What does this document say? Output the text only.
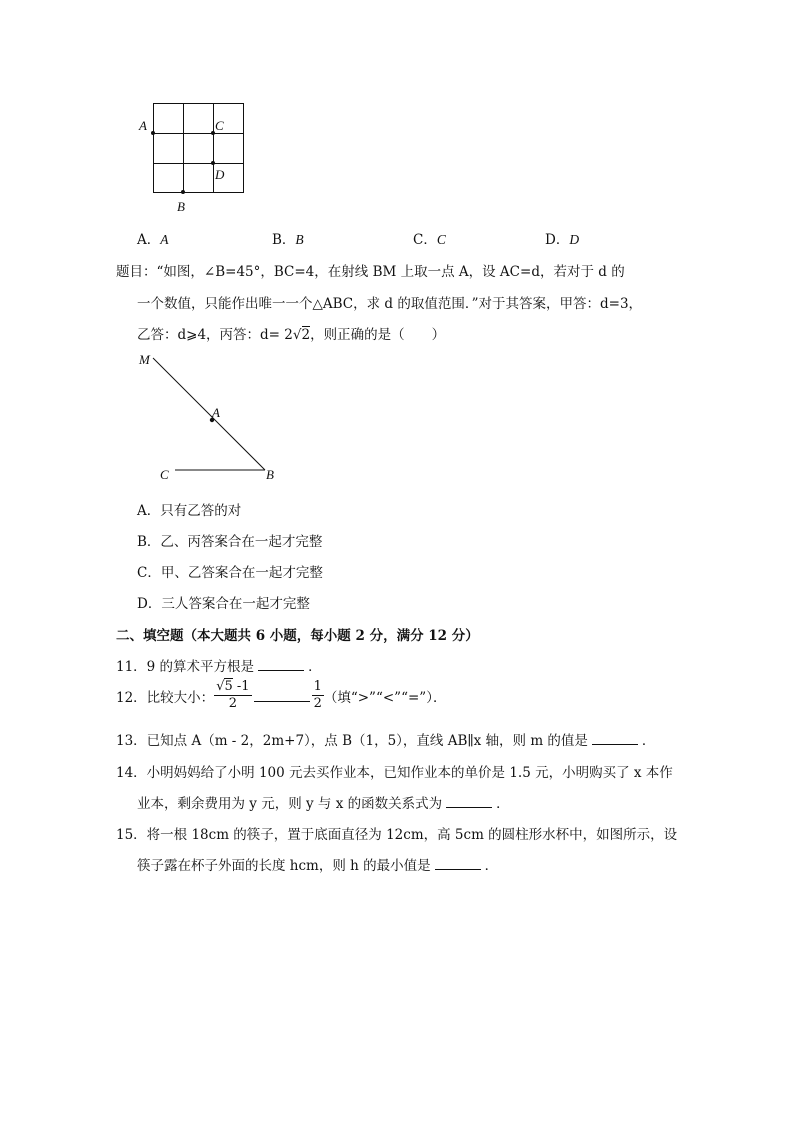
A	C
D
B
A．A	B．B	C．C	D．D
题目：“如图，∠B=45°，BC=4，在射线 BM 上取一点 A，设 AC=d，若对于 d 的
一个数值，只能作出唯一一个△ABC，求 d 的取值范围．”对于其答案，甲答：d=3，
乙答：d⩾4，丙答：d= 2√2，则正确的是（　　）
M
A
C	B
A．只有乙答的对
B．乙、丙答案合在一起才完整
C．甲、乙答案合在一起才完整
D．三人答案合在一起才完整
二、填空题（本大题共 6 小题，每小题 2 分，满分 12 分）
11．9 的算术平方根是	．
12．比较大小： $\frac{√5 -1}{2}$	$\frac{1}{2}$ （填“>”“<”“=”）．
13．已知点 A（m - 2，2m+7），点 B（1，5），直线 AB∥x 轴，则 m 的值是	．
14．小明妈妈给了小明 100 元去买作业本，已知作业本的单价是 1.5 元，小明购买了 x 本作
业本，剩余费用为 y 元，则 y 与 x 的函数关系式为	．
15．将一根 18cm 的筷子，置于底面直径为 12cm，高 5cm 的圆柱形水杯中，如图所示，设
筷子露在杯子外面的长度 hcm，则 h 的最小值是	．
